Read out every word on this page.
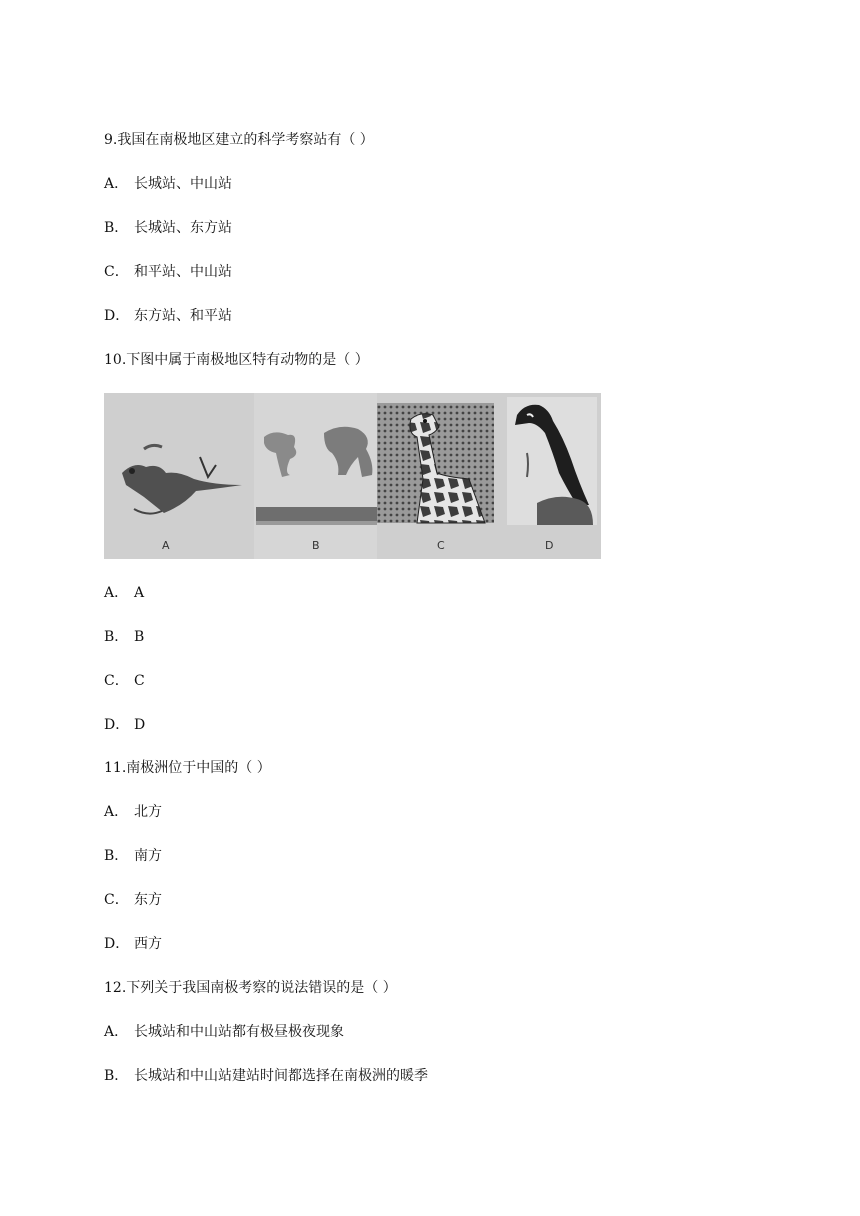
9.我国在南极地区建立的科学考察站有（ ）
A． 长城站、中山站
B． 长城站、东方站
C． 和平站、中山站
D． 东方站、和平站
10.下图中属于南极地区特有动物的是（ ）
A	B	C	D
A． A
B． B
C． C
D． D
11.南极洲位于中国的（ ）
A． 北方
B． 南方
C． 东方
D． 西方
12.下列关于我国南极考察的说法错误的是（ ）
A． 长城站和中山站都有极昼极夜现象
B． 长城站和中山站建站时间都选择在南极洲的暖季
